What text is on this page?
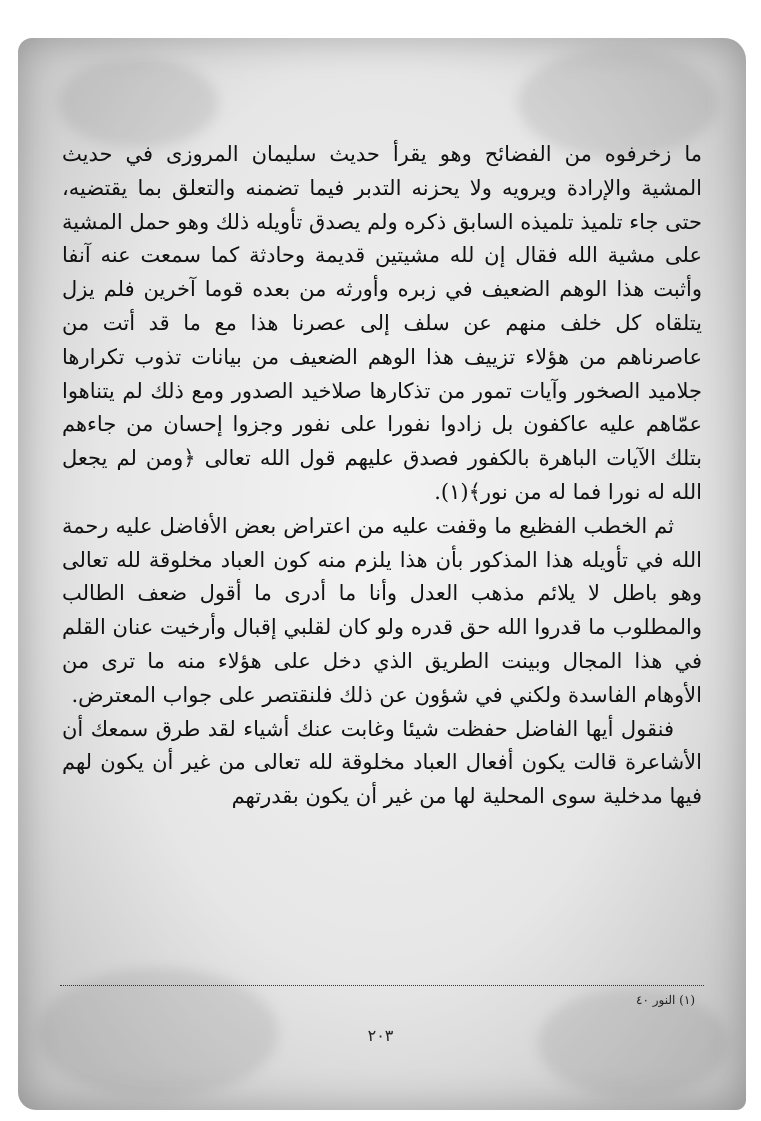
ما زخرفوه من الفضائح وهو يقرأ حديث سليمان المروزى في حديث المشية والإرادة ويرويه ولا يحزنه التدبر فيما تضمنه والتعلق بما يقتضيه، حتى جاء تلميذ تلميذه السابق ذكره ولم يصدق تأويله ذلك وهو حمل المشية على مشية الله فقال إن لله مشيتين قديمة وحادثة كما سمعت عنه آنفا وأثبت هذا الوهم الضعيف في زبره وأورثه من بعده قوما آخرين فلم يزل يتلقاه كل خلف منهم عن سلف إلى عصرنا هذا مع ما قد أتت من عاصرناهم من هؤلاء تزييف هذا الوهم الضعيف من بيانات تذوب تكرارها جلاميد الصخور وآيات تمور من تذكارها صلاخيد الصدور ومع ذلك لم يتناهوا عمّاهم عليه عاكفون بل زادوا نفورا على نفور وجزوا إحسان من جاءهم بتلك الآيات الباهرة بالكفور فصدق عليهم قول الله تعالى ﴿ومن لم يجعل الله له نورا فما له من نور﴾(١).

ثم الخطب الفظيع ما وقفت عليه من اعتراض بعض الأفاضل عليه رحمة الله في تأويله هذا المذكور بأن هذا يلزم منه كون العباد مخلوقة لله تعالى وهو باطل لا يلائم مذهب العدل وأنا ما أدرى ما أقول ضعف الطالب والمطلوب ما قدروا الله حق قدره ولو كان لقلبي إقبال وأرخيت عنان القلم في هذا المجال وبينت الطريق الذي دخل على هؤلاء منه ما ترى من الأوهام الفاسدة ولكني في شؤون عن ذلك فلنقتصر على جواب المعترض.

فنقول أيها الفاضل حفظت شيئا وغابت عنك أشياء لقد طرق سمعك أن الأشاعرة قالت يكون أفعال العباد مخلوقة لله تعالى من غير أن يكون لهم فيها مدخلية سوى المحلية لها من غير أن يكون بقدرتهم

(١) النور ٤٠
٢٠٣
